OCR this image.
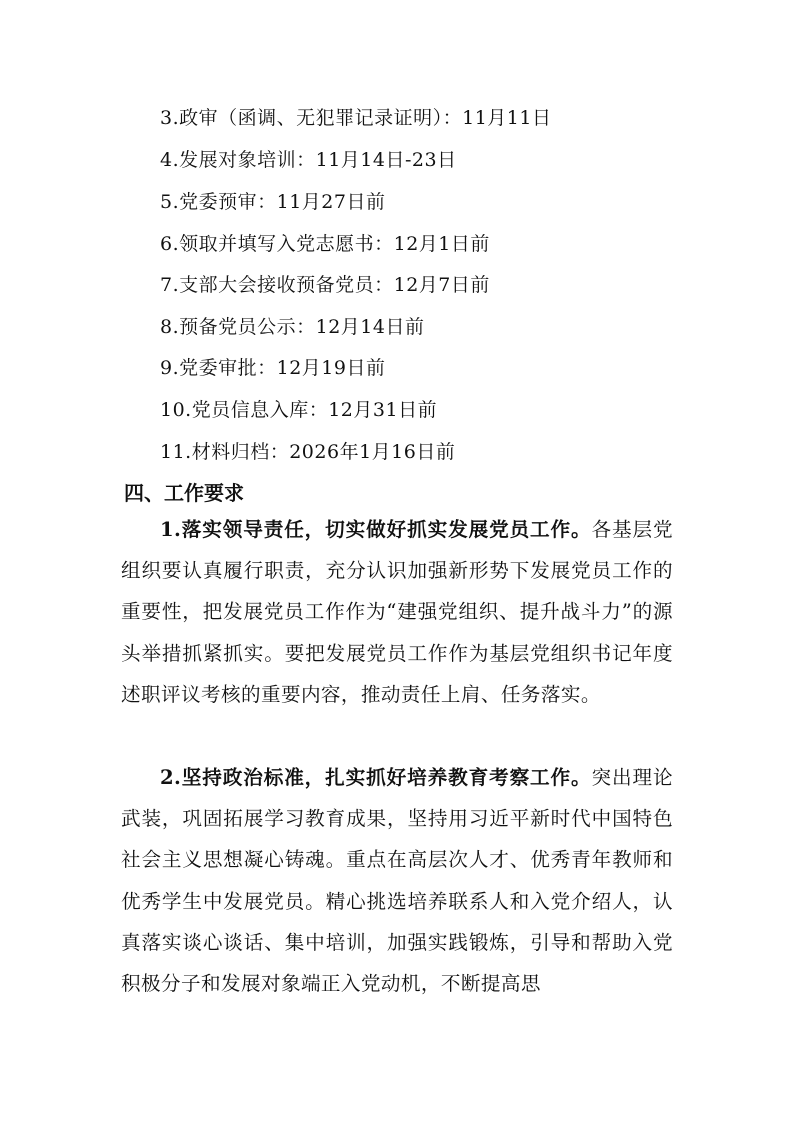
3.政审（函调、无犯罪记录证明）：11月11日
4.发展对象培训：11月14日-23日
5.党委预审：11月27日前
6.领取并填写入党志愿书：12月1日前
7.支部大会接收预备党员：12月7日前
8.预备党员公示：12月14日前
9.党委审批：12月19日前
10.党员信息入库：12月31日前
11.材料归档：2026年1月16日前
四、工作要求

1.落实领导责任，切实做好抓实发展党员工作。各基层党组织要认真履行职责，充分认识加强新形势下发展党员工作的重要性，把发展党员工作作为“建强党组织、提升战斗力”的源头举措抓紧抓实。要把发展党员工作作为基层党组织书记年度述职评议考核的重要内容，推动责任上肩、任务落实。

2.坚持政治标准，扎实抓好培养教育考察工作。突出理论武装，巩固拓展学习教育成果，坚持用习近平新时代中国特色社会主义思想凝心铸魂。重点在高层次人才、优秀青年教师和优秀学生中发展党员。精心挑选培养联系人和入党介绍人，认真落实谈心谈话、集中培训，加强实践锻炼，引导和帮助入党积极分子和发展对象端正入党动机，不断提高思
